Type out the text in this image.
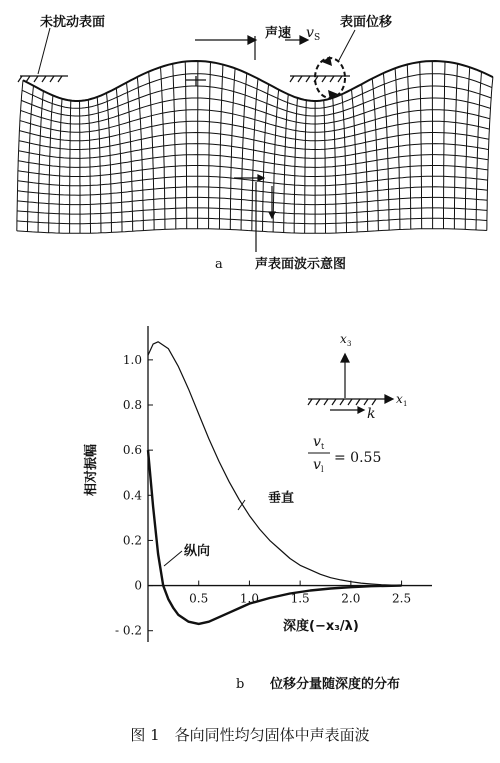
未扰动表面
声速 v S
表面位移
a 声表面波示意图
1.0
0.8
0.6
0.4
0.2
0
- 0.2
0.5	1.0	1.5	2.0	2.5
相对振幅
深度(−x₃/λ)
垂直
纵向
x 3
x 1
k
v t
v l
= 0.55
b 位移分量随深度的分布
图 1　各向同性均匀固体中声表面波
